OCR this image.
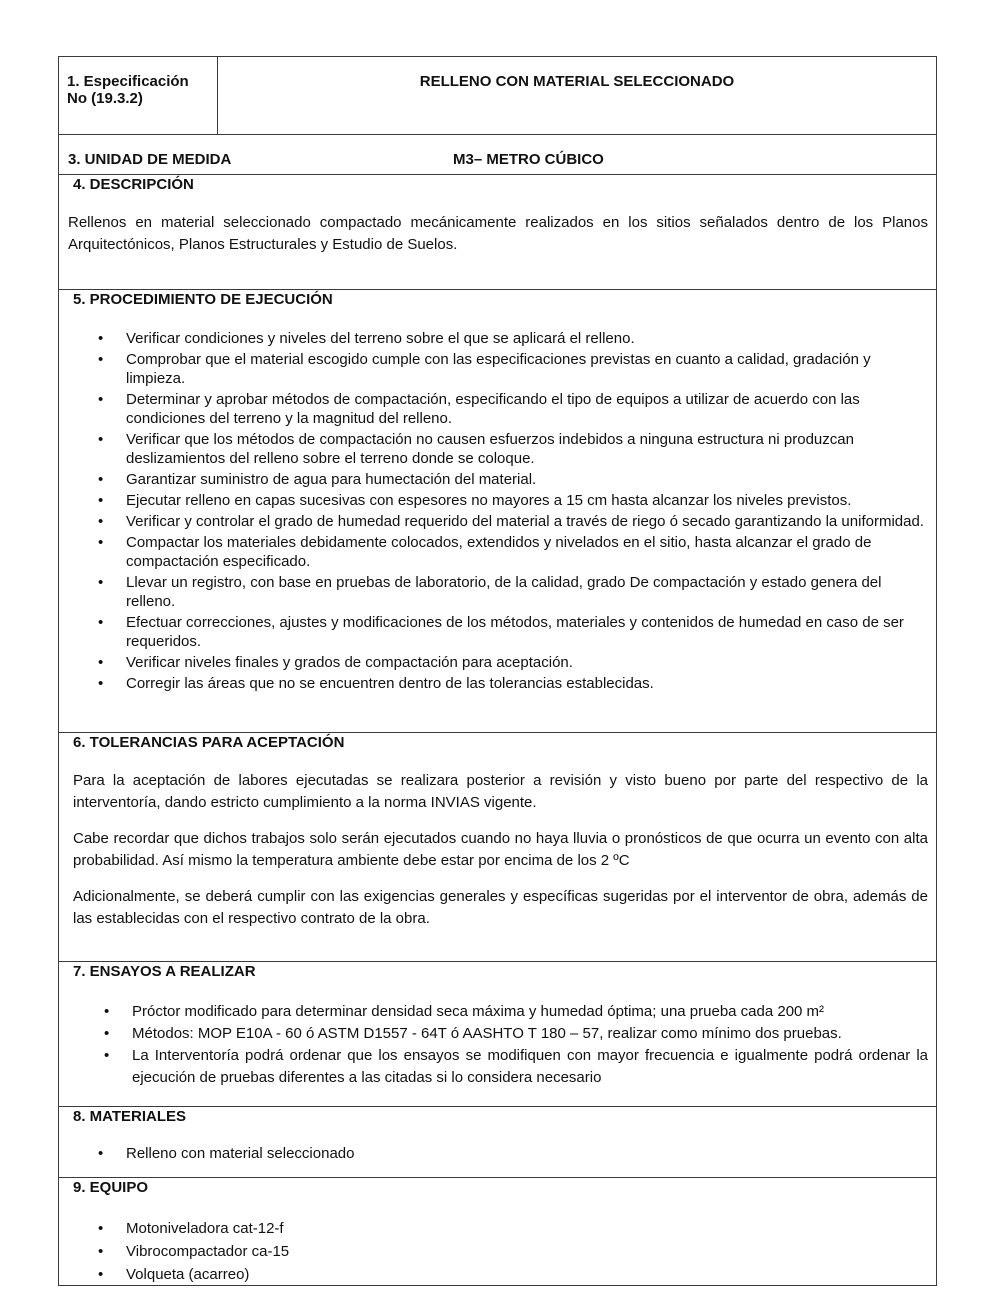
1. Especificación
No (19.3.2)
RELLENO CON MATERIAL SELECCIONADO
3. UNIDAD DE MEDIDA	M3– METRO CÚBICO
4. DESCRIPCIÓN

Rellenos en material seleccionado compactado mecánicamente realizados en los sitios señalados dentro de los Planos Arquitectónicos, Planos Estructurales y Estudio de Suelos.

5. PROCEDIMIENTO DE EJECUCIÓN
• Verificar condiciones y niveles del terreno sobre el que se aplicará el relleno.
• Comprobar que el material escogido cumple con las especificaciones previstas en cuanto a calidad, gradación y limpieza.
• Determinar y aprobar métodos de compactación, especificando el tipo de equipos a utilizar de acuerdo con las condiciones del terreno y la magnitud del relleno.
• Verificar que los métodos de compactación no causen esfuerzos indebidos a ninguna estructura ni produzcan deslizamientos del relleno sobre el terreno donde se coloque.
• Garantizar suministro de agua para humectación del material.
• Ejecutar relleno en capas sucesivas con espesores no mayores a 15 cm hasta alcanzar los niveles previstos.
• Verificar y controlar el grado de humedad requerido del material a través de riego ó secado garantizando la uniformidad.
• Compactar los materiales debidamente colocados, extendidos y nivelados en el sitio, hasta alcanzar el grado de compactación especificado.
• Llevar un registro, con base en pruebas de laboratorio, de la calidad, grado De compactación y estado genera del relleno.
• Efectuar correcciones, ajustes y modificaciones de los métodos, materiales y contenidos de humedad en caso de ser requeridos.
• Verificar niveles finales y grados de compactación para aceptación.
• Corregir las áreas que no se encuentren dentro de las tolerancias establecidas.
6. TOLERANCIAS PARA ACEPTACIÓN

Para la aceptación de labores ejecutadas se realizara posterior a revisión y visto bueno por parte del respectivo de la interventoría, dando estricto cumplimiento a la norma INVIAS vigente.

Cabe recordar que dichos trabajos solo serán ejecutados cuando no haya lluvia o pronósticos de que ocurra un evento con alta probabilidad. Así mismo la temperatura ambiente debe estar por encima de los 2 ºC

Adicionalmente, se deberá cumplir con las exigencias generales y específicas sugeridas por el interventor de obra, además de las establecidas con el respectivo contrato de la obra.

7. ENSAYOS A REALIZAR
• Próctor modificado para determinar densidad seca máxima y humedad óptima; una prueba cada 200 m²
• Métodos: MOP E10A - 60 ó ASTM D1557 - 64T ó AASHTO T 180 – 57, realizar como mínimo dos pruebas.
• La Interventoría podrá ordenar que los ensayos se modifiquen con mayor frecuencia e igualmente podrá ordenar la ejecución de pruebas diferentes a las citadas si lo considera necesario
8. MATERIALES
• Relleno con material seleccionado
9. EQUIPO
• Motoniveladora cat-12-f
• Vibrocompactador ca-15
• Volqueta (acarreo)
